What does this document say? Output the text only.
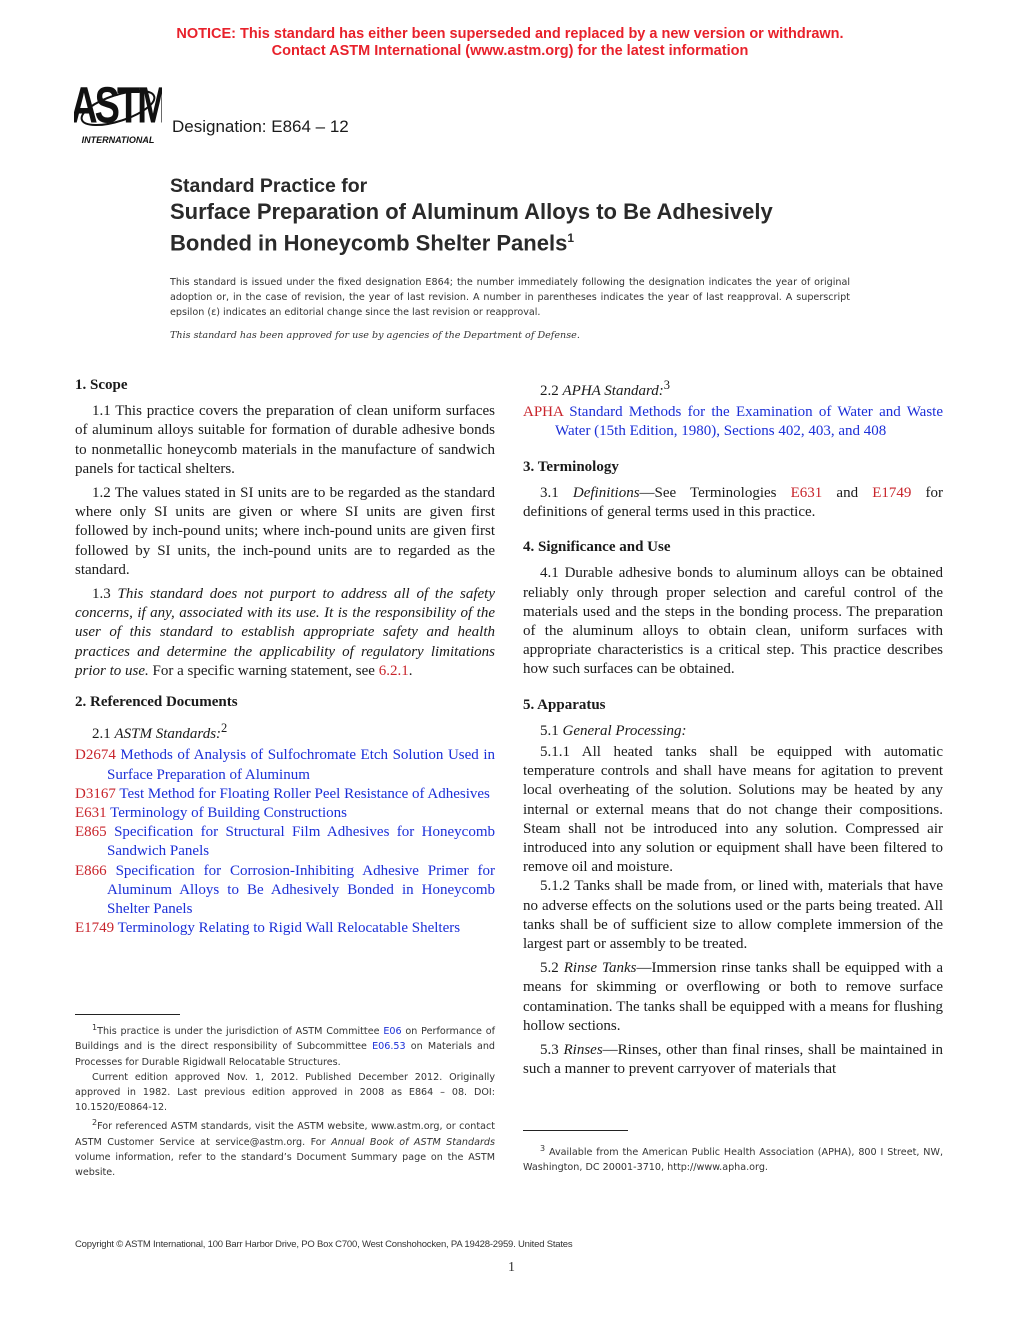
NOTICE: This standard has either been superseded and replaced by a new version or withdrawn.
Contact ASTM International (www.astm.org) for the latest information
ASTM
INTERNATIONAL
Designation: E864 – 12
Standard Practice for
Surface Preparation of Aluminum Alloys to Be Adhesively
Bonded in Honeycomb Shelter Panels$^1$
This standard is issued under the fixed designation E864; the number immediately following the designation indicates the year of original adoption or, in the case of revision, the year of last revision. A number in parentheses indicates the year of last reapproval. A superscript epsilon (ε) indicates an editorial change since the last revision or reapproval.
This standard has been approved for use by agencies of the Department of Defense.
1. Scope

1.1 This practice covers the preparation of clean uniform surfaces of aluminum alloys suitable for formation of durable adhesive bonds to nonmetallic honeycomb materials in the manufacture of sandwich panels for tactical shelters.

1.2 The values stated in SI units are to be regarded as the standard where only SI units are given or where SI units are given first followed by inch-pound units; where inch-pound units are given first followed by SI units, the inch-pound units are to regarded as the standard.

1.3 This standard does not purport to address all of the safety concerns, if any, associated with its use. It is the responsibility of the user of this standard to establish appropriate safety and health practices and determine the applicability of regulatory limitations prior to use. For a specific warning statement, see 6.2.1.

2. Referenced Documents

2.1 ASTM Standards:$^2$

D2674 Methods of Analysis of Sulfochromate Etch Solution Used in Surface Preparation of Aluminum

D3167 Test Method for Floating Roller Peel Resistance of Adhesives

E631 Terminology of Building Constructions

E865 Specification for Structural Film Adhesives for Honeycomb Sandwich Panels

E866 Specification for Corrosion-Inhibiting Adhesive Primer for Aluminum Alloys to Be Adhesively Bonded in Honeycomb Shelter Panels

E1749 Terminology Relating to Rigid Wall Relocatable Shelters

$^1$This practice is under the jurisdiction of ASTM Committee E06 on Performance of Buildings and is the direct responsibility of Subcommittee E06.53 on Materials and Processes for Durable Rigidwall Relocatable Structures.

Current edition approved Nov. 1, 2012. Published December 2012. Originally approved in 1982. Last previous edition approved in 2008 as E864 – 08. DOI: 10.1520/E0864-12.

$^2$For referenced ASTM standards, visit the ASTM website, www.astm.org, or contact ASTM Customer Service at service@astm.org. For Annual Book of ASTM Standards volume information, refer to the standard’s Document Summary page on the ASTM website.

2.2 APHA Standard:$^3$

APHA Standard Methods for the Examination of Water and Waste Water (15th Edition, 1980), Sections 402, 403, and 408

3. Terminology

3.1 Definitions—See Terminologies E631 and E1749 for definitions of general terms used in this practice.

4. Significance and Use

4.1 Durable adhesive bonds to aluminum alloys can be obtained reliably only through proper selection and careful control of the materials used and the steps in the bonding process. The preparation of the aluminum alloys to obtain clean, uniform surfaces with appropriate characteristics is a critical step. This practice describes how such surfaces can be obtained.

5. Apparatus

5.1 General Processing:

5.1.1 All heated tanks shall be equipped with automatic temperature controls and shall have means for agitation to prevent local overheating of the solution. Solutions may be heated by any internal or external means that do not change their compositions. Steam shall not be introduced into any solution. Compressed air introduced into any solution or equipment shall have been filtered to remove oil and moisture.

5.1.2 Tanks shall be made from, or lined with, materials that have no adverse effects on the solutions used or the parts being treated. All tanks shall be of sufficient size to allow complete immersion of the largest part or assembly to be treated.

5.2 Rinse Tanks—Immersion rinse tanks shall be equipped with a means for skimming or overflowing or both to remove surface contamination. The tanks shall be equipped with a means for flushing hollow sections.

5.3 Rinses—Rinses, other than final rinses, shall be maintained in such a manner to prevent carryover of materials that

$^3$ Available from the American Public Health Association (APHA), 800 I Street, NW, Washington, DC 20001-3710, http://www.apha.org.

Copyright © ASTM International, 100 Barr Harbor Drive, PO Box C700, West Conshohocken, PA 19428-2959. United States
1
